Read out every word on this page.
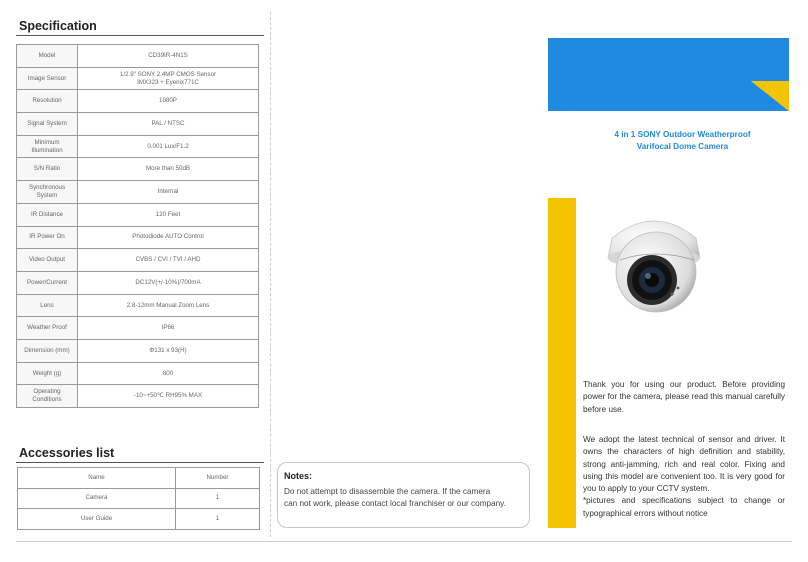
Specification
Model	CD39IR-4N1S
Image Sensor	1/2.9" SONY 2.4MP CMOS Sensor
IMX323 + Eyenix771C

Resolution	1080P
Signal System	PAL / NTSC
Minimum Illumination	0.001 Lux/F1.2
S/N Ratio	More than 50dB
Synchronous System	Internal
IR Distance	120 Feet
IR Power On	Photodiode AUTO Control
Video Output	CVBS / CVI / TVI / AHD
Power/Current	DC12V(+/-10%)/700mA
Lens	2.8-12mm Manual Zoom Lens
Weather Proof	IP66
Dimension (mm)	Φ131 x 93(H)
Weight (g)	800
Operating Conditions	-10~+50℃ RH95% MAX
Accessories list
Name	Number
Camera	1
User Guide	1
Notes:
Do not attempt to disassemble the camera. If the camera
can not work, please contact local franchiser or our company.
CD39IR-4N1S
4 in 1 SONY Outdoor Weatherproof
Varifocal Dome Camera

Thank you for using our product. Before providing power for the camera, please read this manual carefully before use.

We adopt the latest technical of sensor and driver. It owns the characters of high definition and stability, strong anti-jamming, rich and real color. Fixing and using this model are convenient too. It is very good for you to apply to your CCTV system.

*pictures and specifications subject to change or typographical errors without notice
